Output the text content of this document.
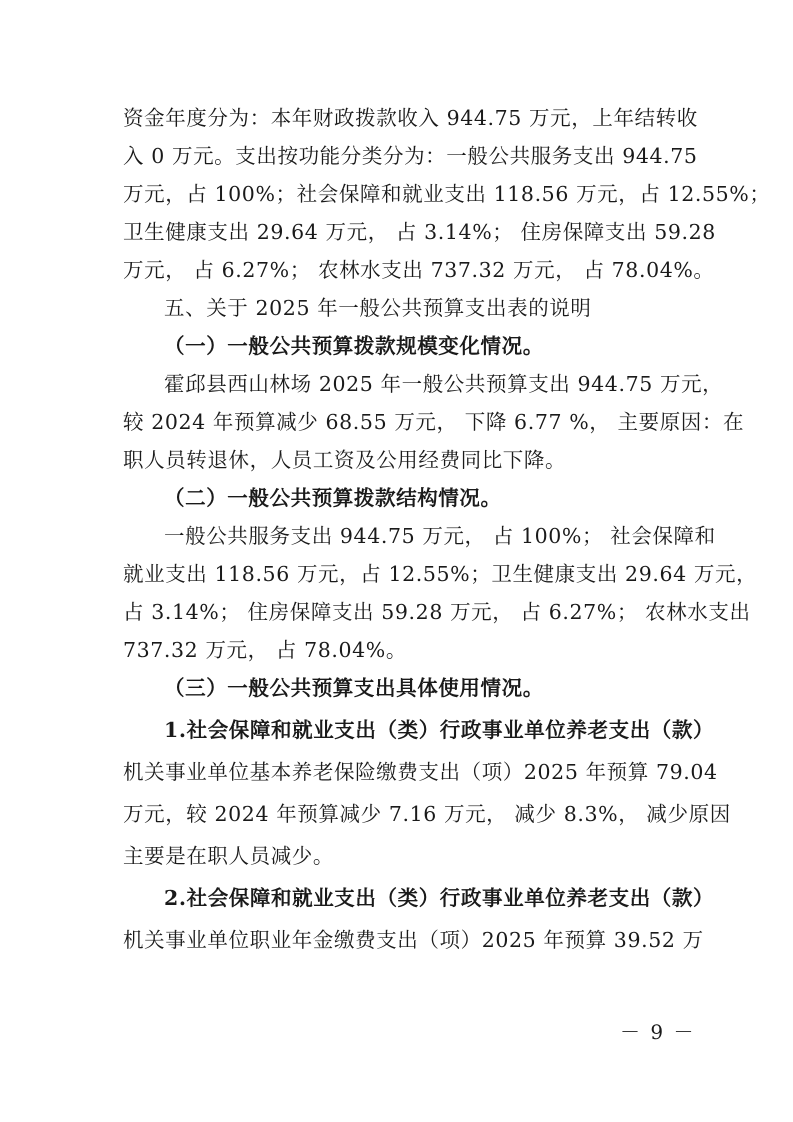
资金年度分为：本年财政拨款收入 944.75 万元，上年结转收
入 0 万元。支出按功能分类分为：一般公共服务支出 944.75
万元，占 100%；社会保障和就业支出 118.56 万元，占 12.55%；
卫生健康支出 29.64 万元， 占 3.14%； 住房保障支出 59.28
万元， 占 6.27%； 农林水支出 737.32 万元， 占 78.04%。
五、关于 2025 年一般公共预算支出表的说明
（一）一般公共预算拨款规模变化情况。
霍邱县西山林场 2025 年一般公共预算支出 944.75 万元，
较 2024 年预算减少 68.55 万元， 下降 6.77 %， 主要原因：在
职人员转退休，人员工资及公用经费同比下降。
（二）一般公共预算拨款结构情况。
一般公共服务支出 944.75 万元， 占 100%； 社会保障和
就业支出 118.56 万元，占 12.55%；卫生健康支出 29.64 万元，
占 3.14%； 住房保障支出 59.28 万元， 占 6.27%； 农林水支出
737.32 万元， 占 78.04%。
（三）一般公共预算支出具体使用情况。
1.社会保障和就业支出（类）行政事业单位养老支出（款）
机关事业单位基本养老保险缴费支出（项）2025 年预算 79.04
万元，较 2024 年预算减少 7.16 万元， 减少 8.3%， 减少原因
主要是在职人员减少。
2.社会保障和就业支出（类）行政事业单位养老支出（款）
机关事业单位职业年金缴费支出（项）2025 年预算 39.52 万
－ 9 －
